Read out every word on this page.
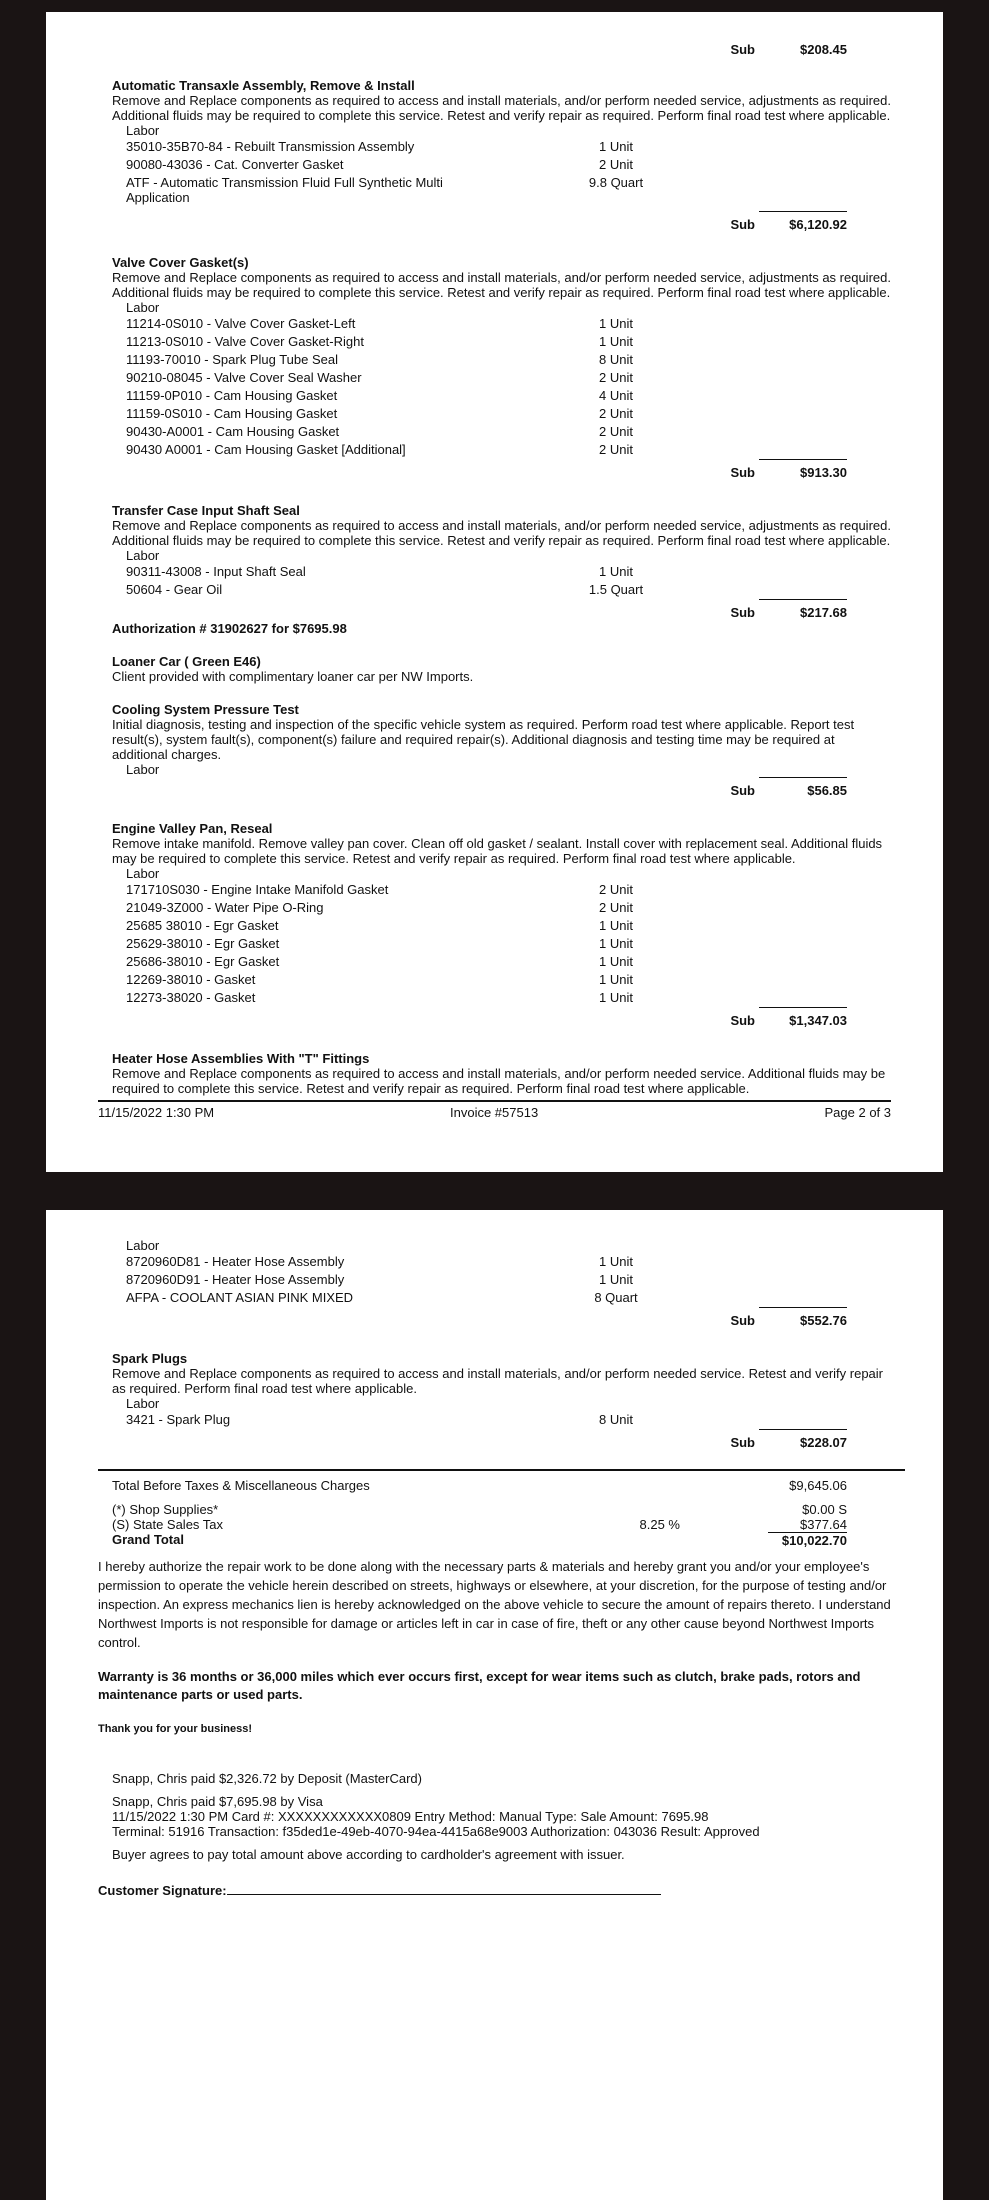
Sub	$208.45
Automatic Transaxle Assembly, Remove & Install

Remove and Replace components as required to access and install materials, and/or perform needed service, adjustments as required. Additional fluids may be required to complete this service. Retest and verify repair as required. Perform final road test where applicable.

Labor
35010-35B70-84 - Rebuilt Transmission Assembly	1 Unit
90080-43036 - Cat. Converter Gasket	2 Unit
ATF - Automatic Transmission Fluid Full Synthetic Multi	9.8 Quart
Application
Sub	$6,120.92
Valve Cover Gasket(s)

Remove and Replace components as required to access and install materials, and/or perform needed service, adjustments as required. Additional fluids may be required to complete this service. Retest and verify repair as required. Perform final road test where applicable.

Labor
11214-0S010 - Valve Cover Gasket-Left	1 Unit
11213-0S010 - Valve Cover Gasket-Right	1 Unit
11193-70010 - Spark Plug Tube Seal	8 Unit
90210-08045 - Valve Cover Seal Washer	2 Unit
11159-0P010 - Cam Housing Gasket	4 Unit
11159-0S010 - Cam Housing Gasket	2 Unit
90430-A0001 - Cam Housing Gasket	2 Unit
90430 A0001 - Cam Housing Gasket [Additional]	2 Unit
Sub	$913.30
Transfer Case Input Shaft Seal

Remove and Replace components as required to access and install materials, and/or perform needed service, adjustments as required. Additional fluids may be required to complete this service. Retest and verify repair as required. Perform final road test where applicable.

Labor
90311-43008 - Input Shaft Seal	1 Unit
50604 - Gear Oil	1.5 Quart
Sub	$217.68
Authorization # 31902627 for $7695.98
Loaner Car ( Green E46)

Client provided with complimentary loaner car per NW Imports.

Cooling System Pressure Test

Initial diagnosis, testing and inspection of the specific vehicle system as required. Perform road test where applicable. Report test result(s), system fault(s), component(s) failure and required repair(s). Additional diagnosis and testing time may be required at additional charges.

Labor
Sub	$56.85
Engine Valley Pan, Reseal

Remove intake manifold. Remove valley pan cover. Clean off old gasket / sealant. Install cover with replacement seal. Additional fluids may be required to complete this service. Retest and verify repair as required. Perform final road test where applicable.

Labor
171710S030 - Engine Intake Manifold Gasket	2 Unit
21049-3Z000 - Water Pipe O-Ring	2 Unit
25685 38010 - Egr Gasket	1 Unit
25629-38010 - Egr Gasket	1 Unit
25686-38010 - Egr Gasket	1 Unit
12269-38010 - Gasket	1 Unit
12273-38020 - Gasket	1 Unit
Sub	$1,347.03
Heater Hose Assemblies With "T" Fittings

Remove and Replace components as required to access and install materials, and/or perform needed service. Additional fluids may be required to complete this service. Retest and verify repair as required. Perform final road test where applicable.

11/15/2022 1:30 PM	Invoice #57513	Page 2 of 3
Labor
8720960D81 - Heater Hose Assembly	1 Unit
8720960D91 - Heater Hose Assembly	1 Unit
AFPA - COOLANT ASIAN PINK MIXED	8 Quart
Sub	$552.76
Spark Plugs

Remove and Replace components as required to access and install materials, and/or perform needed service. Retest and verify repair as required. Perform final road test where applicable.

Labor
3421 - Spark Plug	8 Unit
Sub	$228.07
Total Before Taxes & Miscellaneous Charges	$9,645.06
(*) Shop Supplies*	$0.00 S
(S) State Sales Tax	8.25 %	$377.64
Grand Total	$10,022.70

I hereby authorize the repair work to be done along with the necessary parts & materials and hereby grant you and/or your employee's permission to operate the vehicle herein described on streets, highways or elsewhere, at your discretion, for the purpose of testing and/or inspection. An express mechanics lien is hereby acknowledged on the above vehicle to secure the amount of repairs thereto. I understand Northwest Imports is not responsible for damage or articles left in car in case of fire, theft or any other cause beyond Northwest Imports control.

Warranty is 36 months or 36,000 miles which ever occurs first, except for wear items such as clutch, brake pads, rotors and maintenance parts or used parts.

Thank you for your business!

Snapp, Chris paid $2,326.72 by Deposit (MasterCard)
Snapp, Chris paid $7,695.98 by Visa
11/15/2022 1:30 PM Card #: XXXXXXXXXXXX0809 Entry Method: Manual Type: Sale Amount: 7695.98
Terminal: 51916 Transaction: f35ded1e-49eb-4070-94ea-4415a68e9003 Authorization: 043036 Result: Approved
Buyer agrees to pay total amount above according to cardholder's agreement with issuer.
Customer Signature:
